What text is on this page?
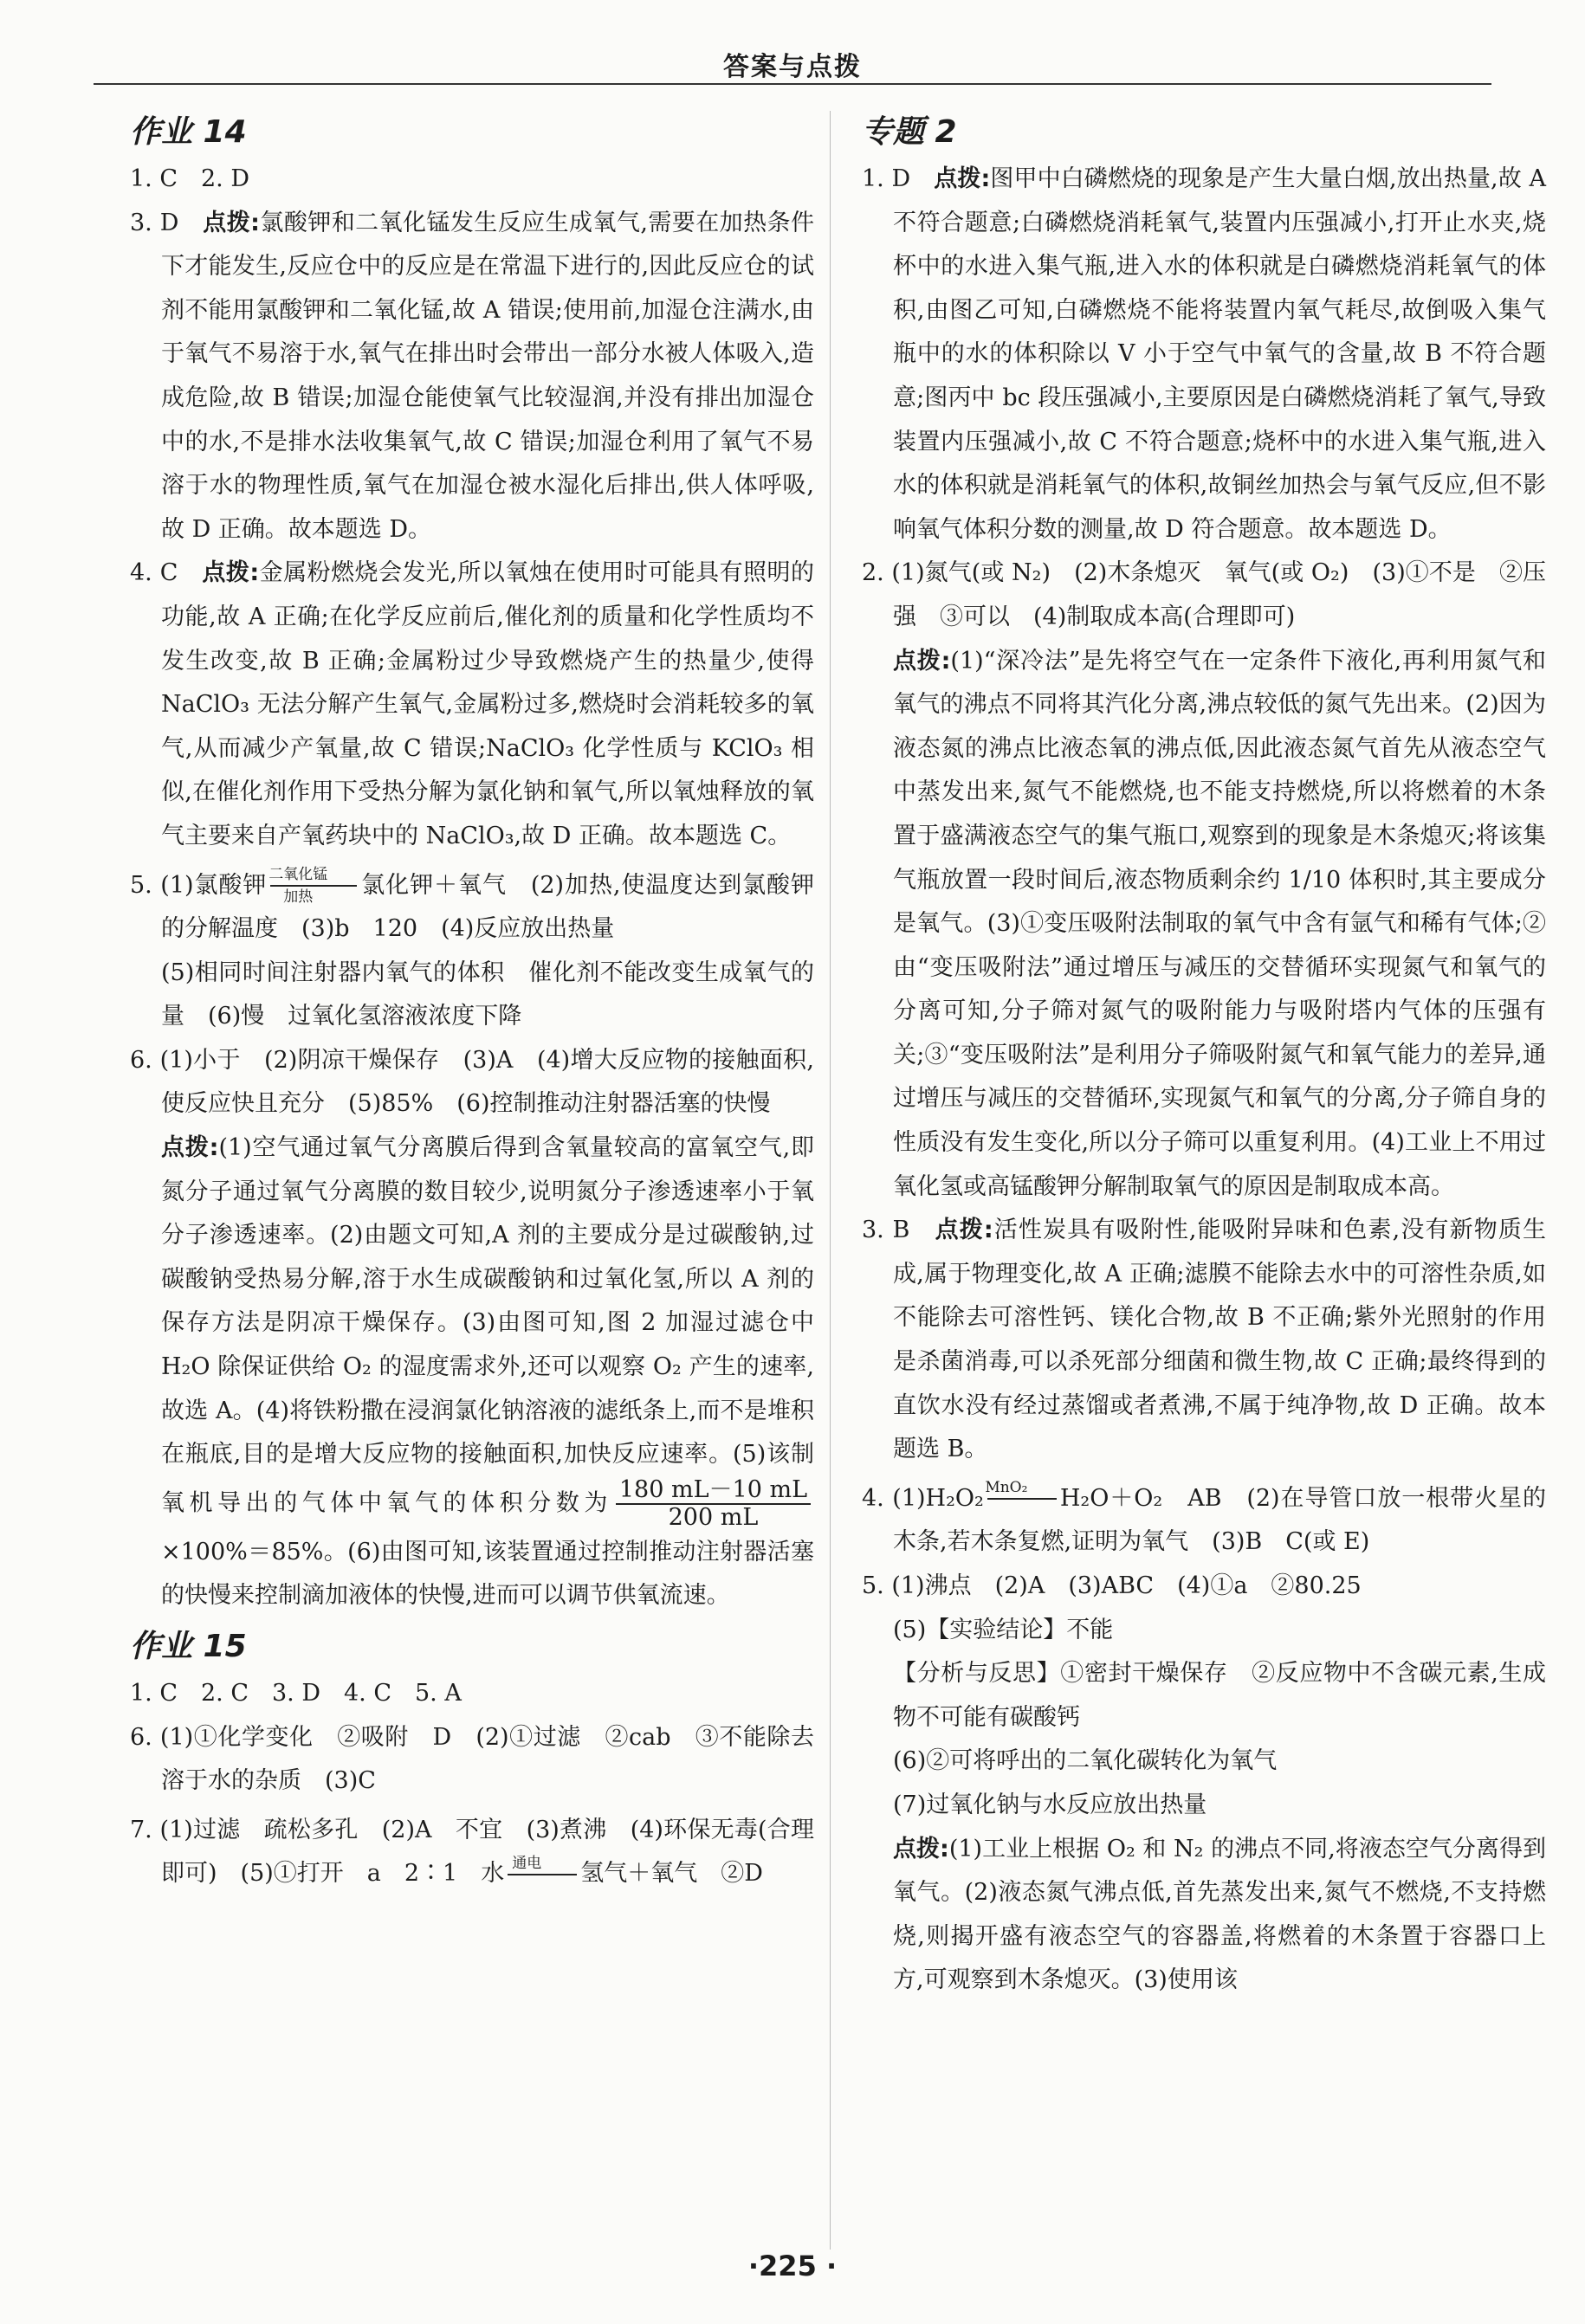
答案与点拨
作业 14

1. C　2. D

3. D　点拨:氯酸钾和二氧化锰发生反应生成氧气,需要在加热条件下才能发生,反应仓中的反应是在常温下进行的,因此反应仓的试剂不能用氯酸钾和二氧化锰,故 A 错误;使用前,加湿仓注满水,由于氧气不易溶于水,氧气在排出时会带出一部分水被人体吸入,造成危险,故 B 错误;加湿仓能使氧气比较湿润,并没有排出加湿仓中的水,不是排水法收集氧气,故 C 错误;加湿仓利用了氧气不易溶于水的物理性质,氧气在加湿仓被水湿化后排出,供人体呼吸,故 D 正确。故本题选 D。

4. C　点拨:金属粉燃烧会发光,所以氧烛在使用时可能具有照明的功能,故 A 正确;在化学反应前后,催化剂的质量和化学性质均不发生改变,故 B 正确;金属粉过少导致燃烧产生的热量少,使得 NaClO₃ 无法分解产生氧气,金属粉过多,燃烧时会消耗较多的氧气,从而减少产氧量,故 C 错误;NaClO₃ 化学性质与 KClO₃ 相似,在催化剂作用下受热分解为氯化钠和氧气,所以氧烛释放的氧气主要来自产氧药块中的 NaClO₃,故 D 正确。故本题选 C。

5. (1)氯酸钾 二氧化锰
加热	氯化钾＋氧气　(2)加热,使温度达到氯酸钾的分解温度　(3)b　120　(4)反应放出热量

(5)相同时间注射器内氧气的体积　催化剂不能改变生成氧气的量　(6)慢　过氧化氢溶液浓度下降

6. (1)小于　(2)阴凉干燥保存　(3)A　(4)增大反应物的接触面积,使反应快且充分　(5)85%　(6)控制推动注射器活塞的快慢

点拨:(1)空气通过氧气分离膜后得到含氧量较高的富氧空气,即氮分子通过氧气分离膜的数目较少,说明氮分子渗透速率小于氧分子渗透速率。(2)由题文可知,A 剂的主要成分是过碳酸钠,过碳酸钠受热易分解,溶于水生成碳酸钠和过氧化氢,所以 A 剂的保存方法是阴凉干燥保存。(3)由图可知,图 2 加湿过滤仓中 H₂O 除保证供给 O₂ 的湿度需求外,还可以观察 O₂ 产生的速率,故选 A。(4)将铁粉撒在浸润氯化钠溶液的滤纸条上,而不是堆积在瓶底,目的是增大反应物的接触面积,加快反应速率。(5)该制氧机导出的气体中氧气的体积分数为 $\frac{180 mL-10 mL}{200 mL}$
×100%＝85%。(6)由图可知,该装置通过控制推动注射器活塞的快慢来控制滴加液体的快慢,进而可以调节供氧流速。

作业 15

1. C　2. C　3. D　4. C　5. A

6. (1)①化学变化　②吸附　D　(2)①过滤　②cab　③不能除去溶于水的杂质　(3)C

7. (1)过滤　疏松多孔　(2)A　不宜　(3)煮沸　(4)环保无毒(合理即可)　(5)①打开　a　2∶1　水 通电	氢气＋氧气　②D

专题 2

1. D　点拨:图甲中白磷燃烧的现象是产生大量白烟,放出热量,故 A 不符合题意;白磷燃烧消耗氧气,装置内压强减小,打开止水夹,烧杯中的水进入集气瓶,进入水的体积就是白磷燃烧消耗氧气的体积,由图乙可知,白磷燃烧不能将装置内氧气耗尽,故倒吸入集气瓶中的水的体积除以 V 小于空气中氧气的含量,故 B 不符合题意;图丙中 bc 段压强减小,主要原因是白磷燃烧消耗了氧气,导致装置内压强减小,故 C 不符合题意;烧杯中的水进入集气瓶,进入水的体积就是消耗氧气的体积,故铜丝加热会与氧气反应,但不影响氧气体积分数的测量,故 D 符合题意。故本题选 D。

2. (1)氮气(或 N₂)　(2)木条熄灭　氧气(或 O₂)　(3)①不是　②压强　③可以　(4)制取成本高(合理即可)

点拨:(1)“深冷法”是先将空气在一定条件下液化,再利用氮气和氧气的沸点不同将其汽化分离,沸点较低的氮气先出来。(2)因为液态氮的沸点比液态氧的沸点低,因此液态氮气首先从液态空气中蒸发出来,氮气不能燃烧,也不能支持燃烧,所以将燃着的木条置于盛满液态空气的集气瓶口,观察到的现象是木条熄灭;将该集气瓶放置一段时间后,液态物质剩余约 1/10 体积时,其主要成分是氧气。(3)①变压吸附法制取的氧气中含有氩气和稀有气体;②由“变压吸附法”通过增压与减压的交替循环实现氮气和氧气的分离可知,分子筛对氮气的吸附能力与吸附塔内气体的压强有关;③“变压吸附法”是利用分子筛吸附氮气和氧气能力的差异,通过增压与减压的交替循环,实现氮气和氧气的分离,分子筛自身的性质没有发生变化,所以分子筛可以重复利用。(4)工业上不用过氧化氢或高锰酸钾分解制取氧气的原因是制取成本高。

3. B　点拨:活性炭具有吸附性,能吸附异味和色素,没有新物质生成,属于物理变化,故 A 正确;滤膜不能除去水中的可溶性杂质,如不能除去可溶性钙、镁化合物,故 B 不正确;紫外光照射的作用是杀菌消毒,可以杀死部分细菌和微生物,故 C 正确;最终得到的直饮水没有经过蒸馏或者煮沸,不属于纯净物,故 D 正确。故本题选 B。

4. (1)H₂O₂ MnO₂	H₂O＋O₂　AB　(2)在导管口放一根带火星的木条,若木条复燃,证明为氧气　(3)B　C(或 E)

5. (1)沸点　(2)A　(3)ABC　(4)①a　②80.25

(5)【实验结论】不能

【分析与反思】①密封干燥保存　②反应物中不含碳元素,生成物不可能有碳酸钙

(6)②可将呼出的二氧化碳转化为氧气

(7)过氧化钠与水反应放出热量

点拨:(1)工业上根据 O₂ 和 N₂ 的沸点不同,将液态空气分离得到氧气。(2)液态氮气沸点低,首先蒸发出来,氮气不燃烧,不支持燃烧,则揭开盛有液态空气的容器盖,将燃着的木条置于容器口上方,可观察到木条熄灭。(3)使用该

·225 ·
